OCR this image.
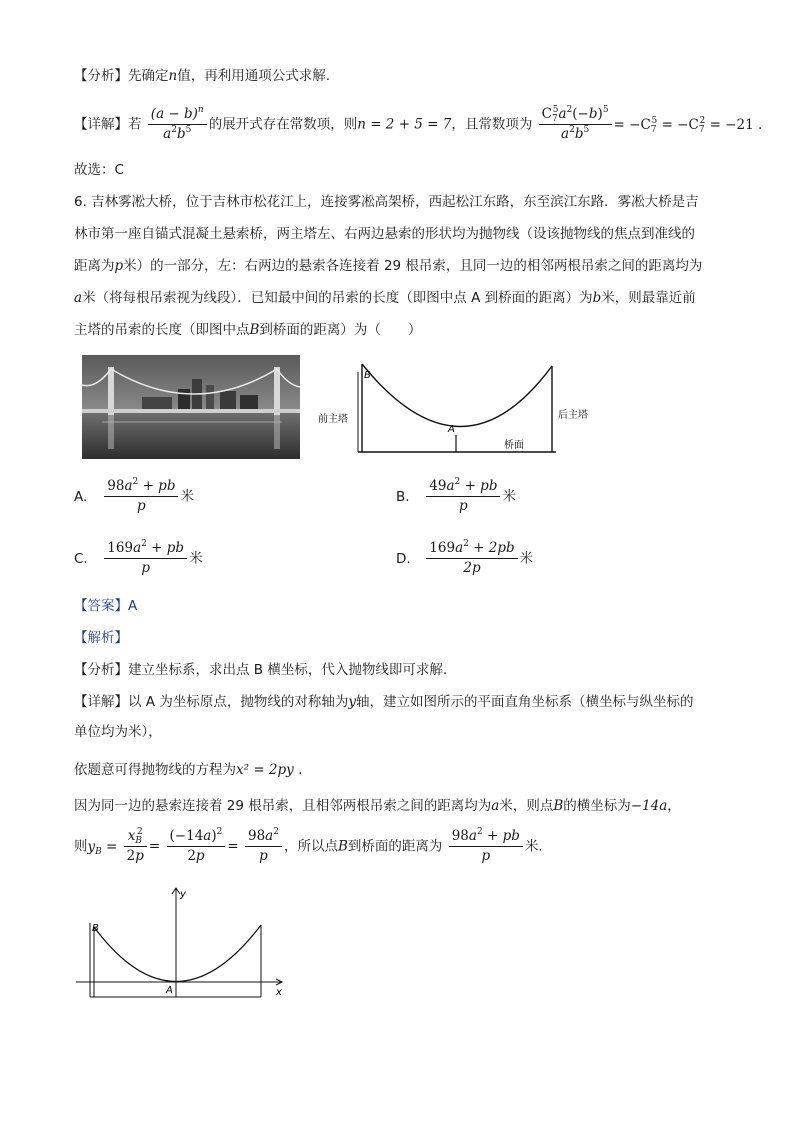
【分析】先确定n值，再利用通项公式求解.
【详解】若 $\frac{(a - b)^n}{a^2b^5}$ 的展开式存在常数项，则n = 2 + 5 = 7，且常数项为 $\frac{C_7^5a^2(-b)^5}{a^2b^5} = -C_7^5 = -C_7^2 = -21$ .
故选：C
6. 吉林雾凇大桥，位于吉林市松花江上，连接雾凇高架桥，西起松江东路，东至滨江东路．雾凇大桥是吉
林市第一座自锚式混凝土悬索桥，两主塔左、右两边悬索的形状均为抛物线（设该抛物线的焦点到准线的
距离为p米）的一部分，左：右两边的悬索各连接着 29 根吊索，且同一边的相邻两根吊索之间的距离均为
a米（将每根吊索视为线段）．已知最中间的吊索的长度（即图中点 A 到桥面的距离）为b米，则最靠近前
主塔的吊索的长度（即图中点B到桥面的距离）为（　　）
B
A
前主塔	后主塔
桥面
A. $\frac{98a^2 + pb}{p}$ 米	B. $\frac{49a^2 + pb}{p}$ 米
C. $\frac{169a^2 + pb}{p}$ 米	D. $\frac{169a^2 + 2pb}{2p}$ 米
【答案】A
【解析】
【分析】建立坐标系，求出点 B 横坐标，代入抛物线即可求解.
【详解】以 A 为坐标原点，抛物线的对称轴为y轴，建立如图所示的平面直角坐标系（横坐标与纵坐标的
单位均为米），
依题意可得抛物线的方程为x² = 2py .
因为同一边的悬索连接着 29 根吊索，且相邻两根吊索之间的距离均为a米，则点B的横坐标为−14a，
则$y_B = \frac{x_B^2}{2p} = \frac{(-14a)^2}{2p} = \frac{98a^2}{p}$ ，所以点B到桥面的距离为 $\frac{98a^2 + pb}{p}$ 米.
y
x
B
A
